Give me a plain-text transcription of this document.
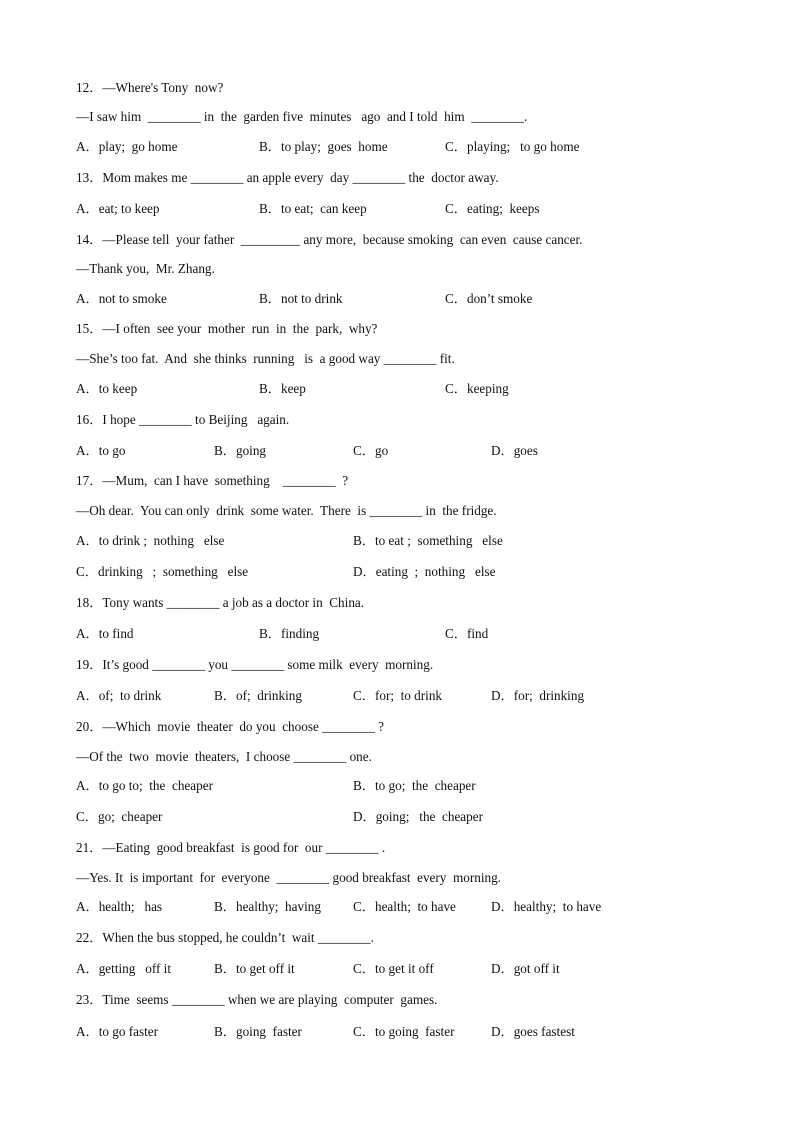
12．—Where's Tony  now?
—I saw him  ________ in  the  garden five  minutes   ago  and I told  him  ________.
A．play;  go home	B．to play;  goes  home	C．playing;   to go home
13．Mom makes me ________ an apple every  day ________ the  doctor away.
A．eat; to keep	B．to eat;  can keep	C．eating;  keeps
14．—Please tell  your father  _________ any more,  because smoking  can even  cause cancer.
—Thank you,  Mr. Zhang.
A．not to smoke	B．not to drink	C．don’t smoke
15．—I often  see your  mother  run  in  the  park,  why?
—She’s too fat.  And  she thinks  running   is  a good way ________ fit.
A．to keep	B．keep	C．keeping
16．I hope ________ to Beijing   again.
A．to go	B．going	C．go	D．goes
17．—Mum,  can I have  something    ________  ?
—Oh dear.  You can only  drink  some water.  There  is ________ in  the fridge.
A．to drink ;  nothing   else	B．to eat ;  something   else
C．drinking   ;  something   else	D．eating  ;  nothing   else
18．Tony wants ________ a job as a doctor in  China.
A．to find	B．finding	C．find
19．It’s good ________ you ________ some milk  every  morning.
A．of;  to drink	B．of;  drinking	C．for;  to drink	D．for;  drinking
20．—Which  movie  theater  do you  choose ________ ?
—Of the  two  movie  theaters,  I choose ________ one.
A．to go to;  the  cheaper	B．to go;  the  cheaper
C．go;  cheaper	D．going;   the  cheaper
21．—Eating  good breakfast  is good for  our ________ .
—Yes. It  is important  for  everyone  ________ good breakfast  every  morning.
A．health;   has	B．healthy;  having C．health;  to have	D．healthy;  to have
22．When the bus stopped, he couldn’t  wait ________.
A．getting   off it	B．to get off it	C．to get it off	D．got off it
23．Time  seems ________ when we are playing  computer  games.
A．to go faster	B．going  faster	C．to going  faster	D．goes fastest
